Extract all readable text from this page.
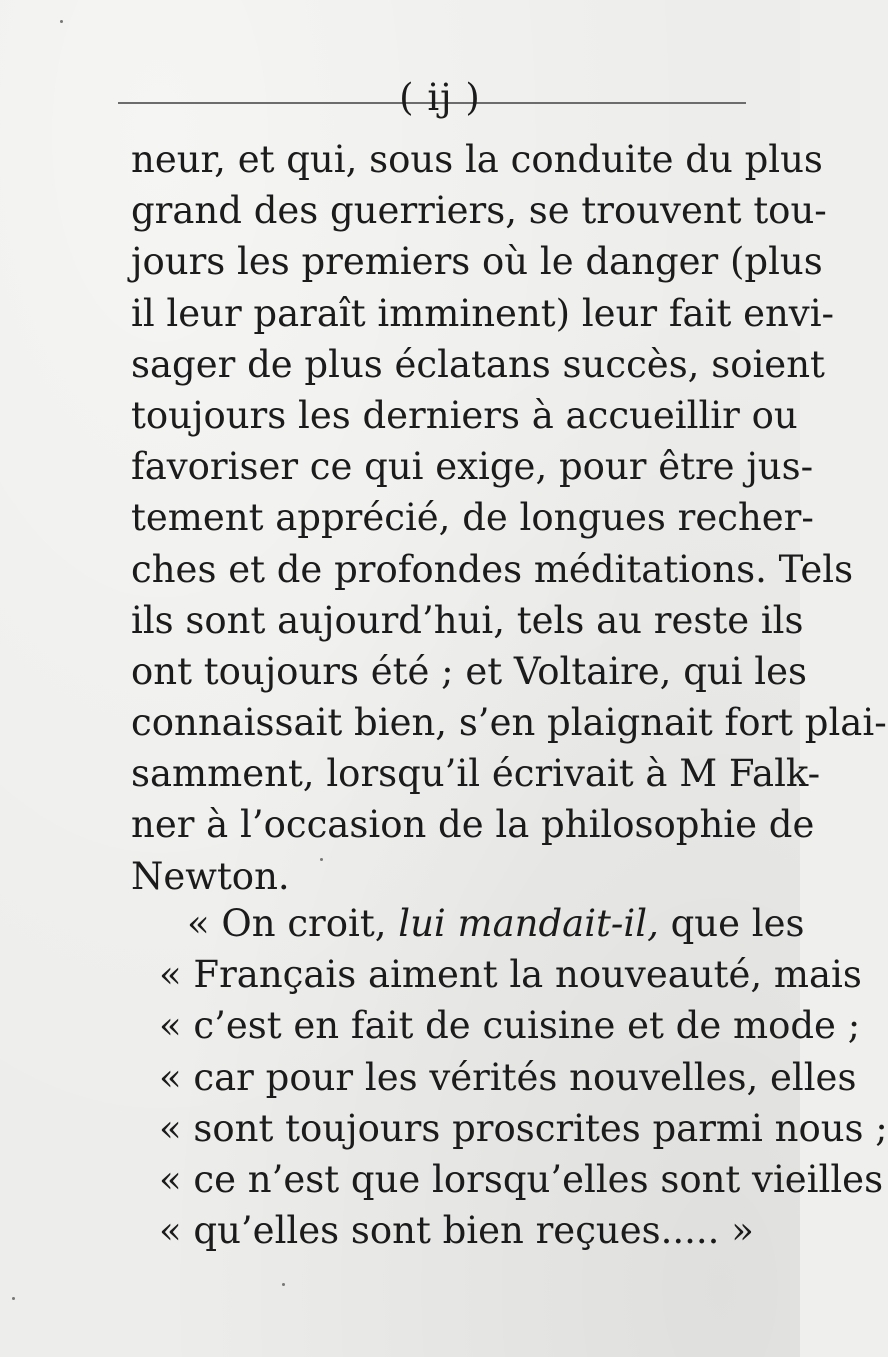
( ij )
neur, et qui, sous la conduite du plus
grand des guerriers, se trouvent tou-
jours les premiers où le danger (plus
il leur paraît imminent) leur fait envi-
sager de plus éclatans succès, soient
toujours les derniers à accueillir ou
favoriser ce qui exige, pour être jus-
tement apprécié, de longues recher-
ches et de profondes méditations. Tels
ils sont aujourd’hui, tels au reste ils
ont toujours été ; et Voltaire, qui les
connaissait bien, s’en plaignait fort plai-
samment, lorsqu’il écrivait à M Falk-
ner à l’occasion de la philosophie de
Newton.
« On croit, lui mandait-il, que les
« Français aiment la nouveauté, mais
« c’est en fait de cuisine et de mode ;
« car pour les vérités nouvelles, elles
« sont toujours proscrites parmi nous ;
« ce n’est que lorsqu’elles sont vieilles
« qu’elles sont bien reçues..... »
